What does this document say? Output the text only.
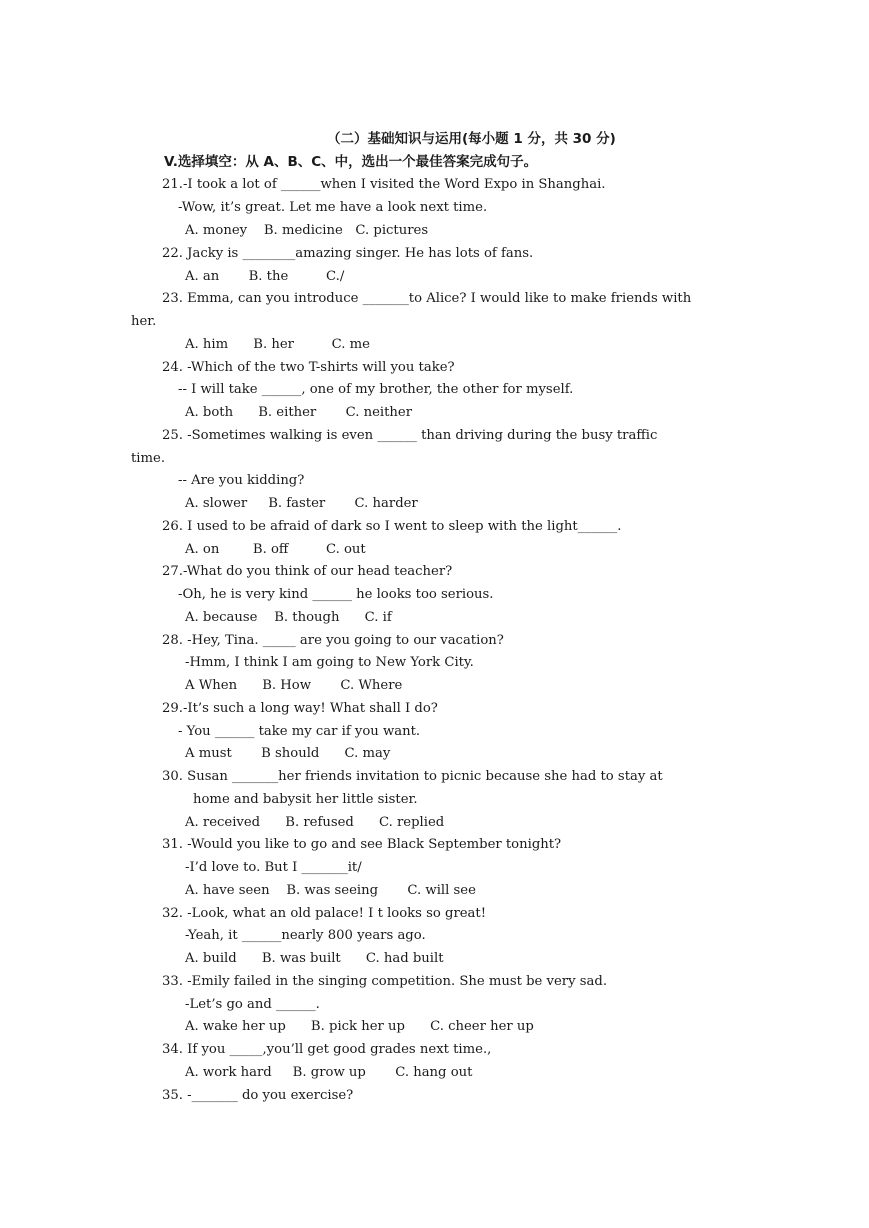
（二）基础知识与运用(每小题 1 分，共 30 分)
V.选择填空：从 A、B、C、中，选出一个最佳答案完成句子。
21.-I took a lot of ______when I visited the Word Expo in Shanghai.
-Wow, it’s great. Let me have a look next time.
A. money    B. medicine   C. pictures
22. Jacky is ________amazing singer. He has lots of fans.
A. an       B. the         C./
23. Emma, can you introduce _______to Alice? I would like to make friends with
her.
A. him      B. her         C. me
24. -Which of the two T-shirts will you take?
-- I will take ______, one of my brother, the other for myself.
A. both      B. either       C. neither
25. -Sometimes walking is even ______ than driving during the busy traffic
time.
-- Are you kidding?
A. slower     B. faster       C. harder
26. I used to be afraid of dark so I went to sleep with the light______.
A. on        B. off         C. out
27.-What do you think of our head teacher?
-Oh, he is very kind ______ he looks too serious.
A. because    B. though      C. if
28. -Hey, Tina. _____ are you going to our vacation?
-Hmm, I think I am going to New York City.
A When      B. How       C. Where
29.-It’s such a long way! What shall I do?
- You ______ take my car if you want.
A must       B should      C. may
30. Susan _______her friends invitation to picnic because she had to stay at
home and babysit her little sister.
A. received      B. refused      C. replied
31. -Would you like to go and see Black September tonight?
-I’d love to. But I _______it/
A. have seen    B. was seeing       C. will see
32. -Look, what an old palace! I t looks so great!
-Yeah, it ______nearly 800 years ago.
A. build      B. was built      C. had built
33. -Emily failed in the singing competition. She must be very sad.
-Let’s go and ______.
A. wake her up      B. pick her up      C. cheer her up
34. If you _____,you’ll get good grades next time.,
A. work hard     B. grow up       C. hang out
35. -_______ do you exercise?
